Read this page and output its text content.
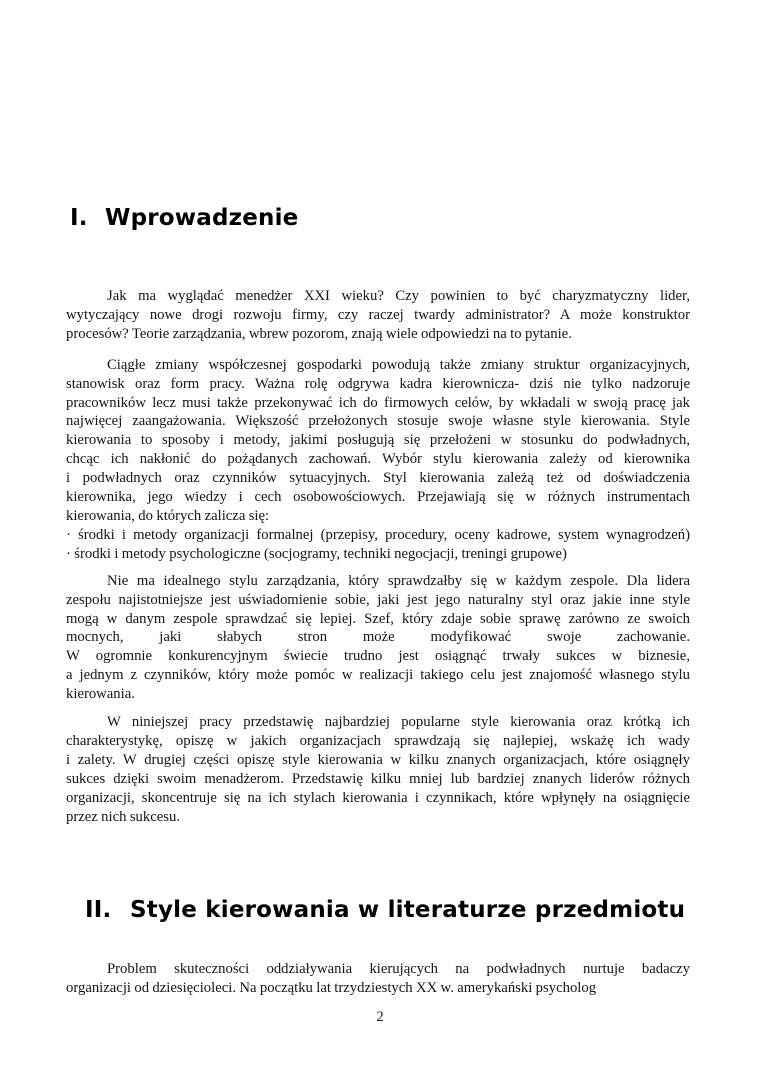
I. Wprowadzenie
Jak ma wyglądać menedżer XXI wieku? Czy powinien to być charyzmatyczny lider,
wytyczający nowe drogi rozwoju firmy, czy raczej twardy administrator? A może konstruktor
procesów? Teorie zarządzania, wbrew pozorom, znają wiele odpowiedzi na to pytanie.
Ciągłe zmiany współczesnej gospodarki powodują także zmiany struktur organizacyjnych,
stanowisk oraz form pracy. Ważna rolę odgrywa kadra kierownicza- dziś nie tylko nadzoruje
pracowników lecz musi także przekonywać ich do firmowych celów, by wkładali w swoją pracę jak
najwięcej zaangażowania. Większość przełożonych stosuje swoje własne style kierowania. Style
kierowania to sposoby i metody, jakimi posługują się przełożeni w stosunku do podwładnych,
chcąc ich nakłonić do pożądanych zachowań. Wybór stylu kierowania zależy od kierownika
i podwładnych oraz czynników sytuacyjnych. Styl kierowania zależą też od doświadczenia
kierownika, jego wiedzy i cech osobowościowych. Przejawiają się w różnych instrumentach
kierowania, do których zalicza się:
· środki i metody organizacji formalnej (przepisy, procedury, oceny kadrowe, system wynagrodzeń)
· środki i metody psychologiczne (socjogramy, techniki negocjacji, treningi grupowe)
Nie ma idealnego stylu zarządzania, który sprawdzałby się w każdym zespole. Dla lidera
zespołu najistotniejsze jest uświadomienie sobie, jaki jest jego naturalny styl oraz jakie inne style
mogą w danym zespole sprawdzać się lepiej. Szef, który zdaje sobie sprawę zarówno ze swoich
mocnych, jaki słabych stron może modyfikować swoje zachowanie.
W ogromnie konkurencyjnym świecie trudno jest osiągnąć trwały sukces w biznesie,
a jednym z czynników, który może pomóc w realizacji takiego celu jest znajomość własnego stylu
kierowania.
W niniejszej pracy przedstawię najbardziej popularne style kierowania oraz krótką ich
charakterystykę, opiszę w jakich organizacjach sprawdzają się najlepiej, wskażę ich wady
i zalety. W drugiej części opiszę style kierowania w kilku znanych organizacjach, które osiągnęły
sukces dzięki swoim menadżerom. Przedstawię kilku mniej lub bardziej znanych liderów różnych
organizacji, skoncentruje się na ich stylach kierowania i czynnikach, które wpłynęły na osiągnięcie
przez nich sukcesu.
II. Style kierowania w literaturze przedmiotu
Problem skuteczności oddziaływania kierujących na podwładnych nurtuje badaczy
organizacji od dziesięcioleci. Na początku lat trzydziestych XX w. amerykański psycholog
2
